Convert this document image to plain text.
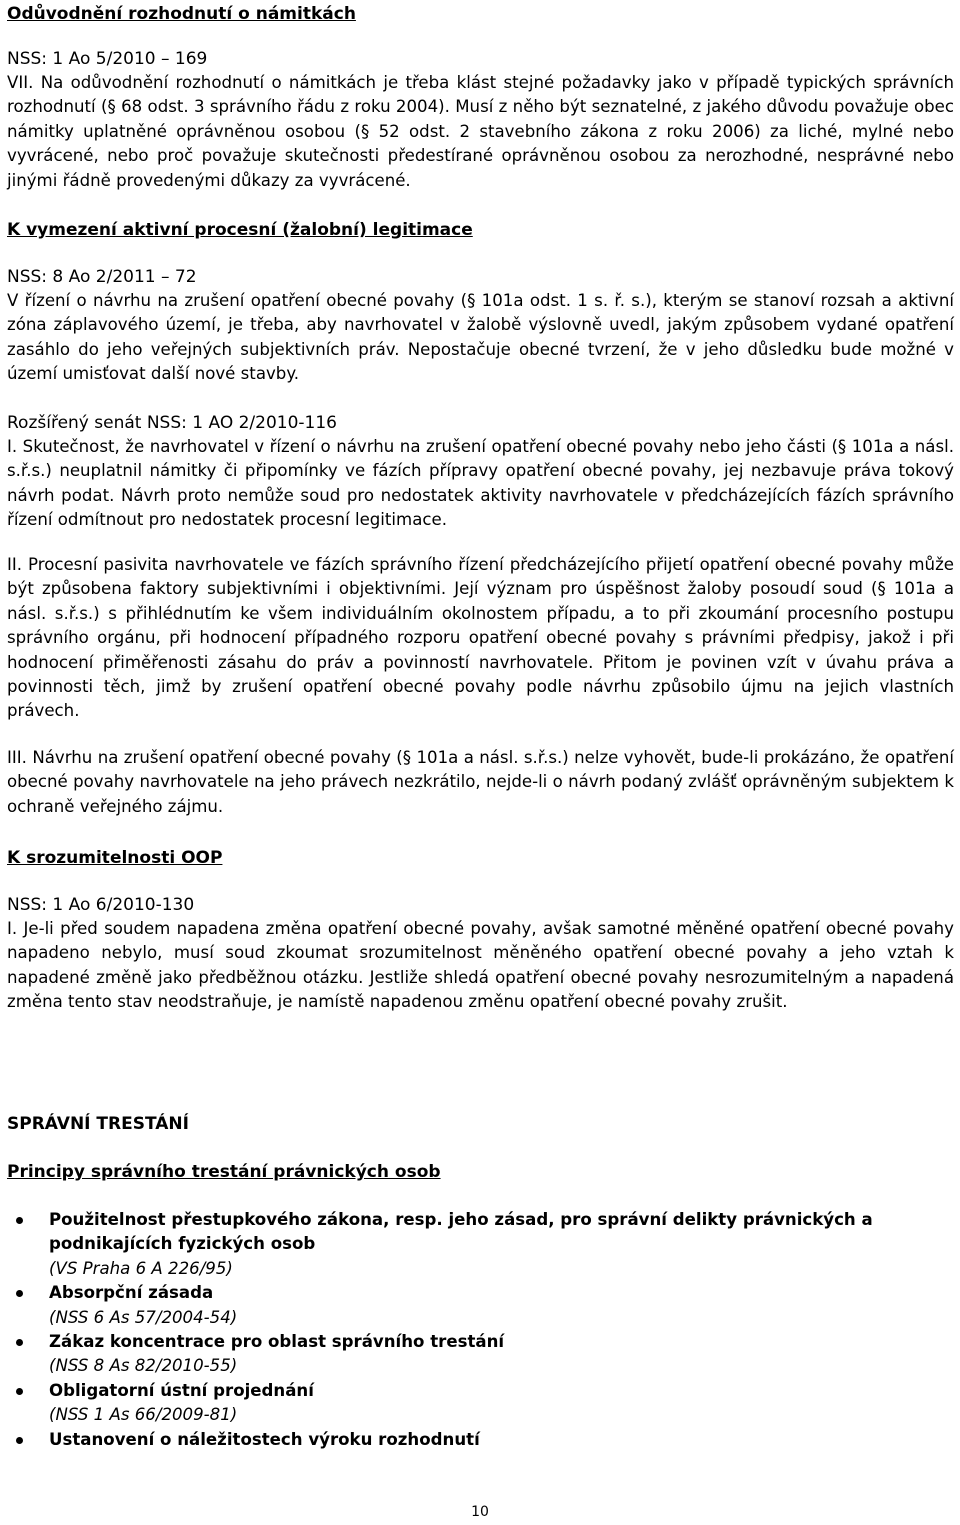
Odůvodnění rozhodnutí o námitkách

NSS: 1 Ao 5/2010 – 169

VII. Na odůvodnění rozhodnutí o námitkách je třeba klást stejné požadavky jako v případě typických správních rozhodnutí (§ 68 odst. 3 správního řádu z roku 2004). Musí z něho být seznatelné, z jakého důvodu považuje obec námitky uplatněné oprávněnou osobou (§ 52 odst. 2 stavebního zákona z roku 2006) za liché, mylné nebo vyvrácené, nebo proč považuje skutečnosti předestírané oprávněnou osobou za nerozhodné, nesprávné nebo jinými řádně provedenými důkazy za vyvrácené.

K vymezení aktivní procesní (žalobní) legitimace

NSS: 8 Ao 2/2011 – 72

V řízení o návrhu na zrušení opatření obecné povahy (§ 101a odst. 1 s. ř. s.), kterým se stanoví rozsah a aktivní zóna záplavového území, je třeba, aby navrhovatel v žalobě výslovně uvedl, jakým způsobem vydané opatření zasáhlo do jeho veřejných subjektivních práv. Nepostačuje obecné tvrzení, že v jeho důsledku bude možné v území umisťovat další nové stavby.

Rozšířený senát NSS: 1 AO 2/2010-116

I. Skutečnost, že navrhovatel v řízení o návrhu na zrušení opatření obecné povahy nebo jeho části (§ 101a a násl. s.ř.s.) neuplatnil námitky či připomínky ve fázích přípravy opatření obecné povahy, jej nezbavuje práva tokový návrh podat. Návrh proto nemůže soud pro nedostatek aktivity navrhovatele v předcházejících fázích správního řízení odmítnout pro nedostatek procesní legitimace.

II. Procesní pasivita navrhovatele ve fázích správního řízení předcházejícího přijetí opatření obecné povahy může být způsobena faktory subjektivními i objektivními. Její význam pro úspěšnost žaloby posoudí soud (§ 101a a násl. s.ř.s.) s přihlédnutím ke všem individuálním okolnostem případu, a to při zkoumání procesního postupu správního orgánu, při hodnocení případného rozporu opatření obecné povahy s právními předpisy, jakož i při hodnocení přiměřenosti zásahu do práv a povinností navrhovatele. Přitom je povinen vzít v úvahu práva a povinnosti těch, jimž by zrušení opatření obecné povahy podle návrhu způsobilo újmu na jejich vlastních právech.

III. Návrhu na zrušení opatření obecné povahy (§ 101a a násl. s.ř.s.) nelze vyhovět, bude-li prokázáno, že opatření obecné povahy navrhovatele na jeho právech nezkrátilo, nejde-li o návrh podaný zvlášť oprávněným subjektem k ochraně veřejného zájmu.

K srozumitelnosti OOP

NSS: 1 Ao 6/2010-130

I. Je-li před soudem napadena změna opatření obecné povahy, avšak samotné měněné opatření obecné povahy napadeno nebylo, musí soud zkoumat srozumitelnost měněného opatření obecné povahy a jeho vztah k napadené změně jako předběžnou otázku. Jestliže shledá opatření obecné povahy nesrozumitelným a napadená změna tento stav neodstraňuje, je namístě napadenou změnu opatření obecné povahy zrušit.

SPRÁVNÍ TRESTÁNÍ

Principy správního trestání právnických osob

Použitelnost přestupkového zákona, resp. jeho zásad, pro správní delikty právnických a podnikajících fyzických osob
(VS Praha 6 A 226/95)
Absorpční zásada
(NSS 6 As 57/2004-54)
Zákaz koncentrace pro oblast správního trestání
(NSS 8 As 82/2010-55)
Obligatorní ústní projednání
(NSS 1 As 66/2009-81)
Ustanovení o náležitostech výroku rozhodnutí
10
